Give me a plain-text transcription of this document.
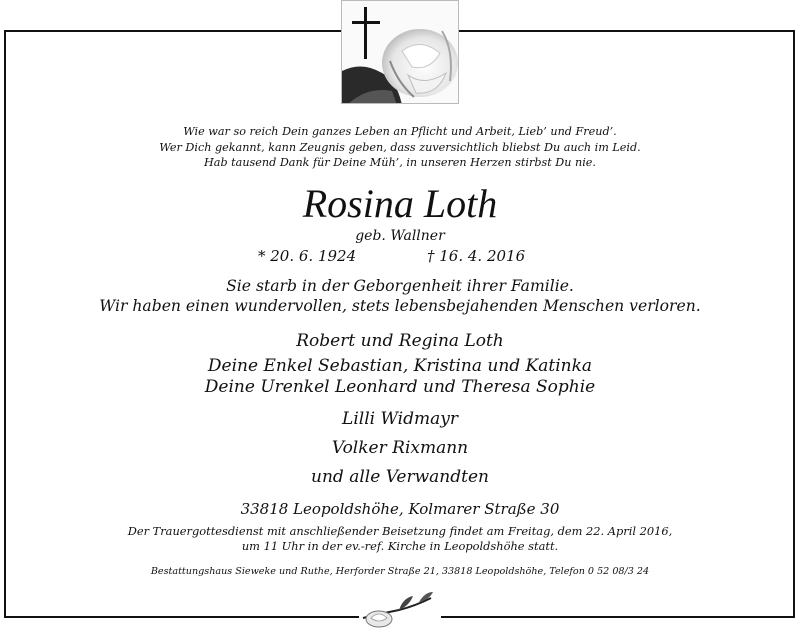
Wie war so reich Dein ganzes Leben an Pflicht und Arbeit, Lieb’ und Freud’.
Wer Dich gekannt, kann Zeugnis geben, dass zuversichtlich bliebst Du auch im Leid.
Hab tausend Dank für Deine Müh’, in unseren Herzen stirbst Du nie.
Rosina Loth
geb. Wallner
* 20. 6. 1924	† 16. 4. 2016
Sie starb in der Geborgenheit ihrer Familie.
Wir haben einen wundervollen, stets lebensbejahenden Menschen verloren.
Robert und Regina Loth
Deine Enkel Sebastian, Kristina und Katinka
Deine Urenkel Leonhard und Theresa Sophie
Lilli Widmayr
Volker Rixmann
und alle Verwandten
33818 Leopoldshöhe, Kolmarer Straße 30
Der Trauergottesdienst mit anschließender Beisetzung findet am Freitag, dem 22. April 2016,
um 11 Uhr in der ev.-ref. Kirche in Leopoldshöhe statt.
Bestattungshaus Sieweke und Ruthe, Herforder Straße 21, 33818 Leopoldshöhe, Telefon 0 52 08/3 24
